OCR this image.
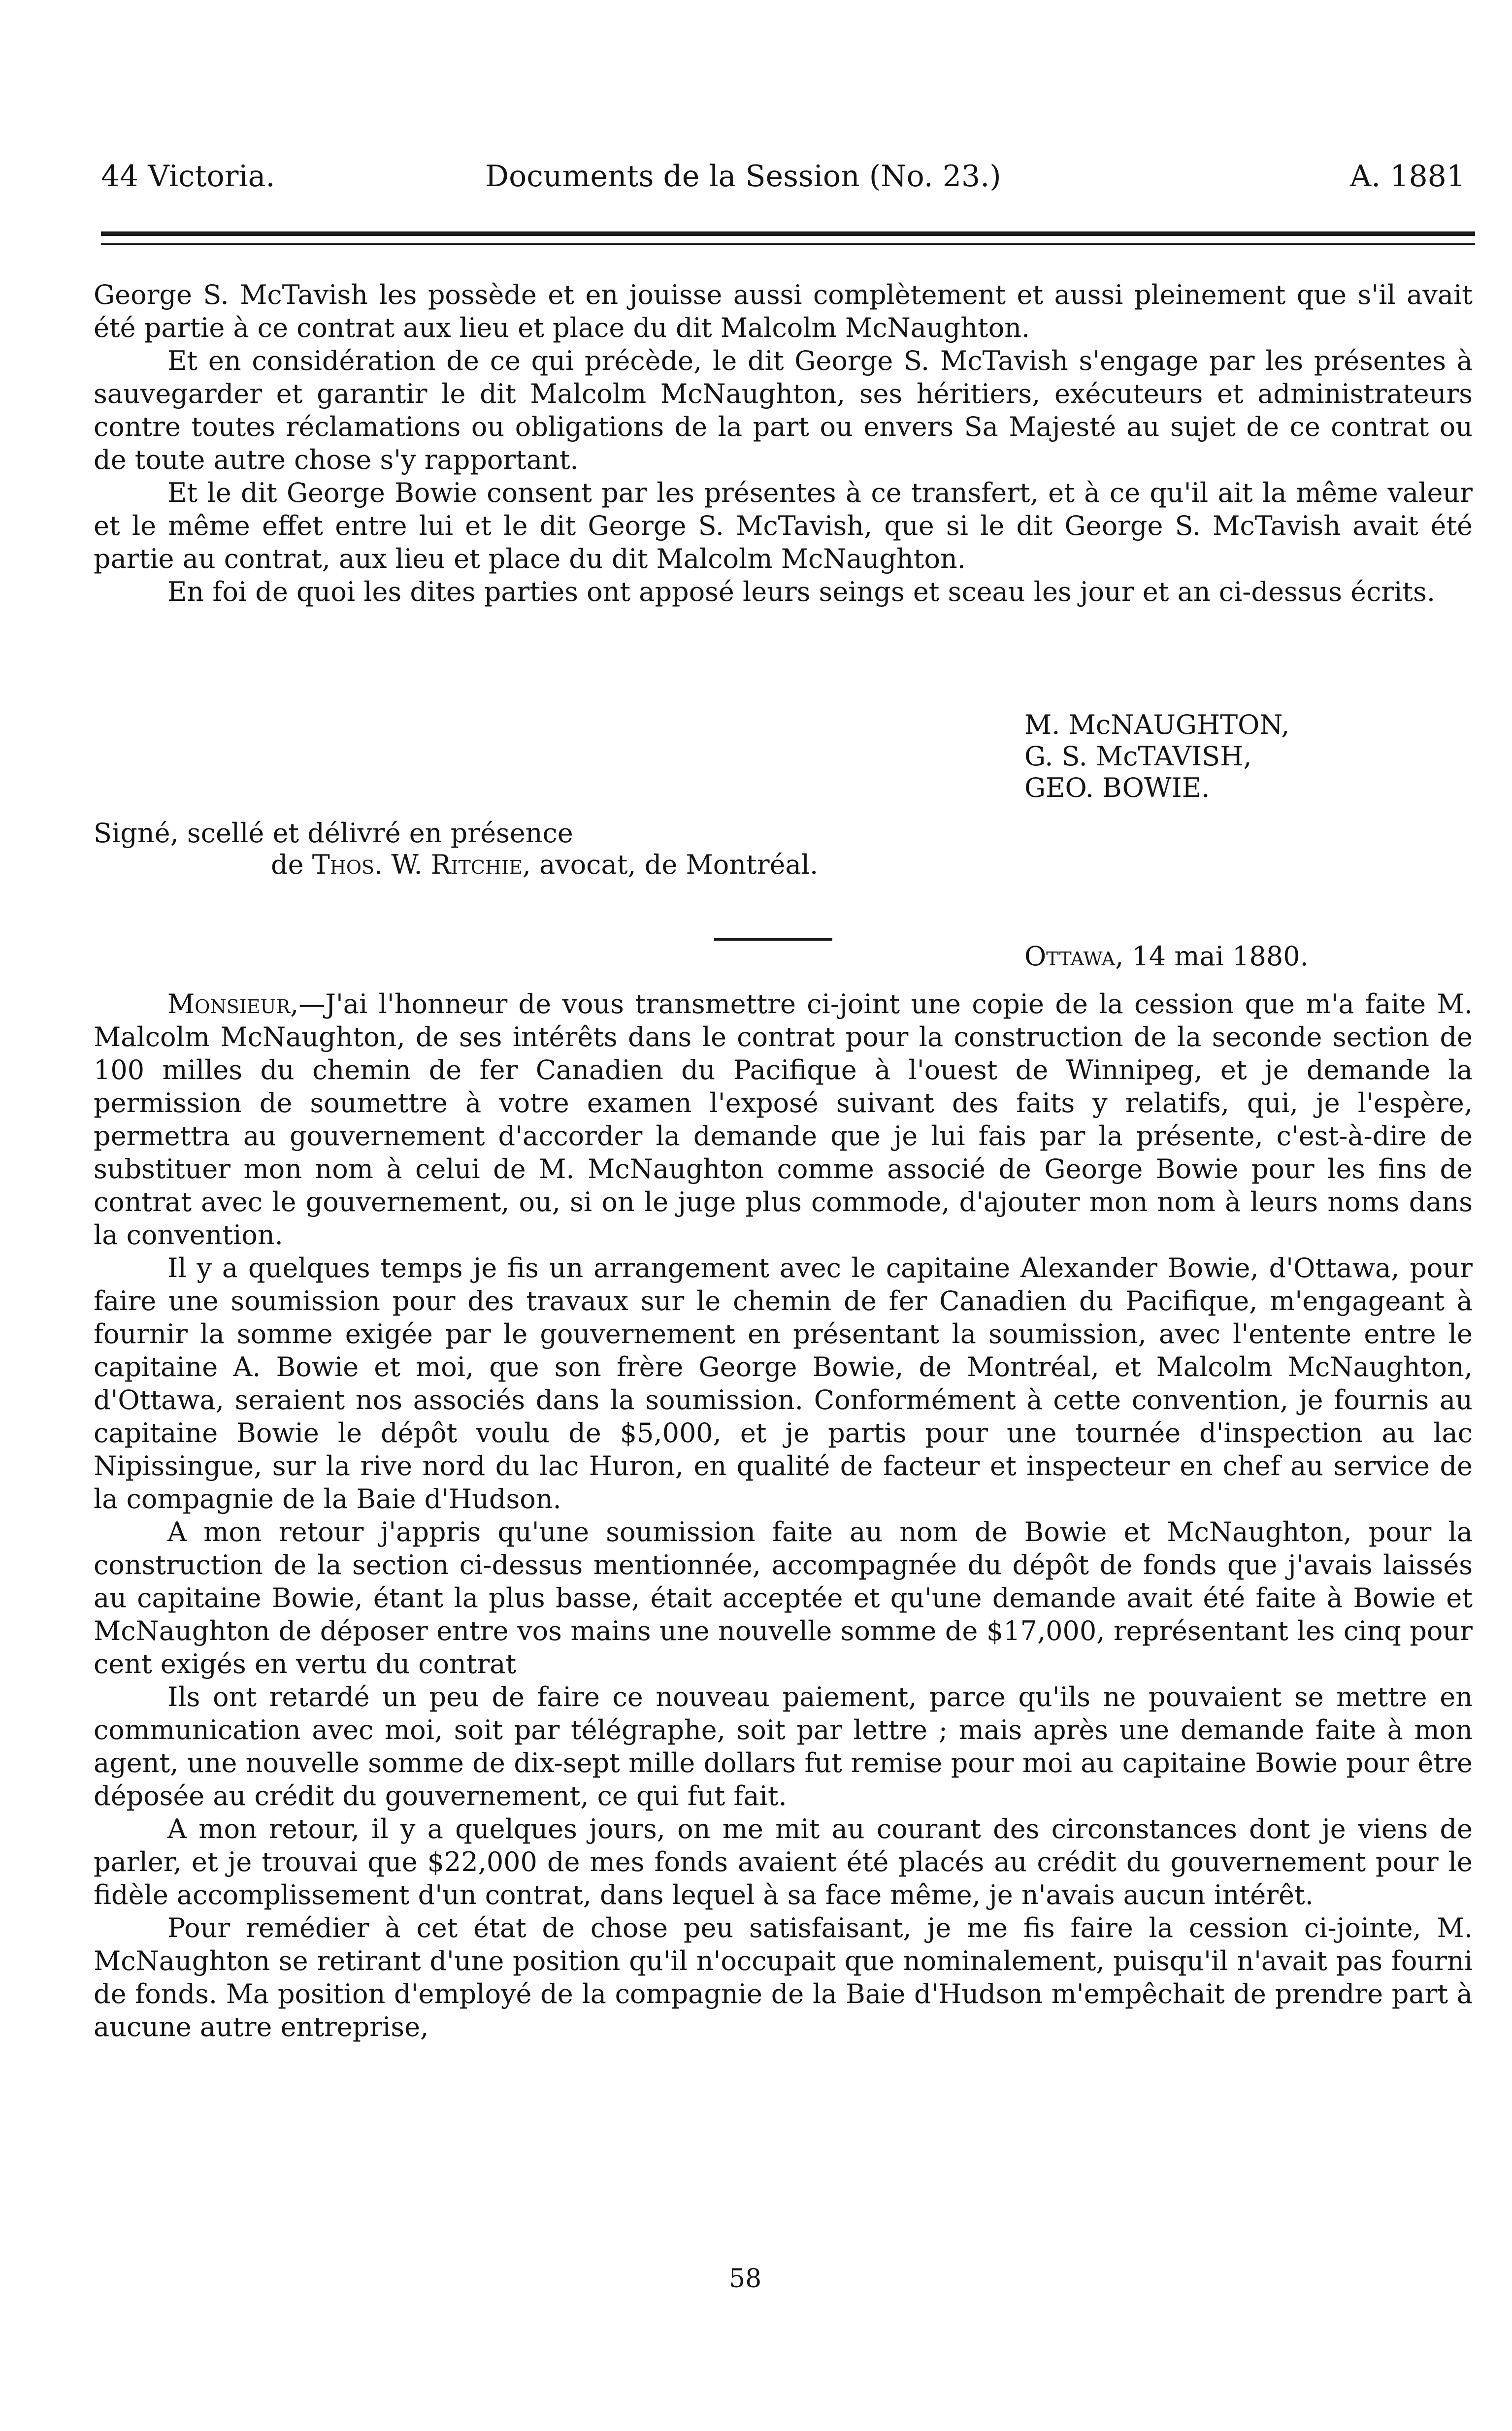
44 Victoria.	Documents de la Session (No. 23.)	A. 1881

George S. McTavish les possède et en jouisse aussi complètement et aussi pleinement que s'il avait été partie à ce contrat aux lieu et place du dit Malcolm McNaughton.

Et en considération de ce qui précède, le dit George S. McTavish s'engage par les présentes à sauvegarder et garantir le dit Malcolm McNaughton, ses héritiers, exécuteurs et administrateurs contre toutes réclamations ou obligations de la part ou envers Sa Majesté au sujet de ce contrat ou de toute autre chose s'y rapportant.

Et le dit George Bowie consent par les présentes à ce transfert, et à ce qu'il ait la même valeur et le même effet entre lui et le dit George S. McTavish, que si le dit George S. McTavish avait été partie au contrat, aux lieu et place du dit Malcolm McNaughton.

En foi de quoi les dites parties ont apposé leurs seings et sceau les jour et an ci-dessus écrits.

M. McNAUGHTON,
G. S. McTAVISH,
GEO. BOWIE.
Signé, scellé et délivré en présence
de Thos. W. Ritchie, avocat, de Montréal.
Ottawa, 14 mai 1880.

Monsieur,—J'ai l'honneur de vous transmettre ci-joint une copie de la cession que m'a faite M. Malcolm McNaughton, de ses intérêts dans le contrat pour la construction de la seconde section de 100 milles du chemin de fer Canadien du Pacifique à l'ouest de Winnipeg, et je demande la permission de soumettre à votre examen l'exposé suivant des faits y relatifs, qui, je l'espère, permettra au gouvernement d'accorder la demande que je lui fais par la présente, c'est-à-dire de substituer mon nom à celui de M. McNaughton comme associé de George Bowie pour les fins de contrat avec le gouvernement, ou, si on le juge plus commode, d'ajouter mon nom à leurs noms dans la convention.

Il y a quelques temps je fis un arrangement avec le capitaine Alexander Bowie, d'Ottawa, pour faire une soumission pour des travaux sur le chemin de fer Canadien du Pacifique, m'engageant à fournir la somme exigée par le gouvernement en présentant la soumission, avec l'entente entre le capitaine A. Bowie et moi, que son frère George Bowie, de Montréal, et Malcolm McNaughton, d'Ottawa, seraient nos associés dans la soumission. Conformément à cette convention, je fournis au capitaine Bowie le dépôt voulu de $5,000, et je partis pour une tournée d'inspection au lac Nipissingue, sur la rive nord du lac Huron, en qualité de facteur et inspecteur en chef au service de la compagnie de la Baie d'Hudson.

A mon retour j'appris qu'une soumission faite au nom de Bowie et McNaughton, pour la construction de la section ci-dessus mentionnée, accompagnée du dépôt de fonds que j'avais laissés au capitaine Bowie, étant la plus basse, était acceptée et qu'une demande avait été faite à Bowie et McNaughton de déposer entre vos mains une nouvelle somme de $17,000, représentant les cinq pour cent exigés en vertu du contrat

Ils ont retardé un peu de faire ce nouveau paiement, parce qu'ils ne pouvaient se mettre en communication avec moi, soit par télégraphe, soit par lettre ; mais après une demande faite à mon agent, une nouvelle somme de dix-sept mille dollars fut remise pour moi au capitaine Bowie pour être déposée au crédit du gouvernement, ce qui fut fait.

A mon retour, il y a quelques jours, on me mit au courant des circonstances dont je viens de parler, et je trouvai que $22,000 de mes fonds avaient été placés au crédit du gouvernement pour le fidèle accomplissement d'un contrat, dans lequel à sa face même, je n'avais aucun intérêt.

Pour remédier à cet état de chose peu satisfaisant, je me fis faire la cession ci-jointe, M. McNaughton se retirant d'une position qu'il n'occupait que nominalement, puisqu'il n'avait pas fourni de fonds. Ma position d'employé de la compagnie de la Baie d'Hudson m'empêchait de prendre part à aucune autre entreprise,

58
